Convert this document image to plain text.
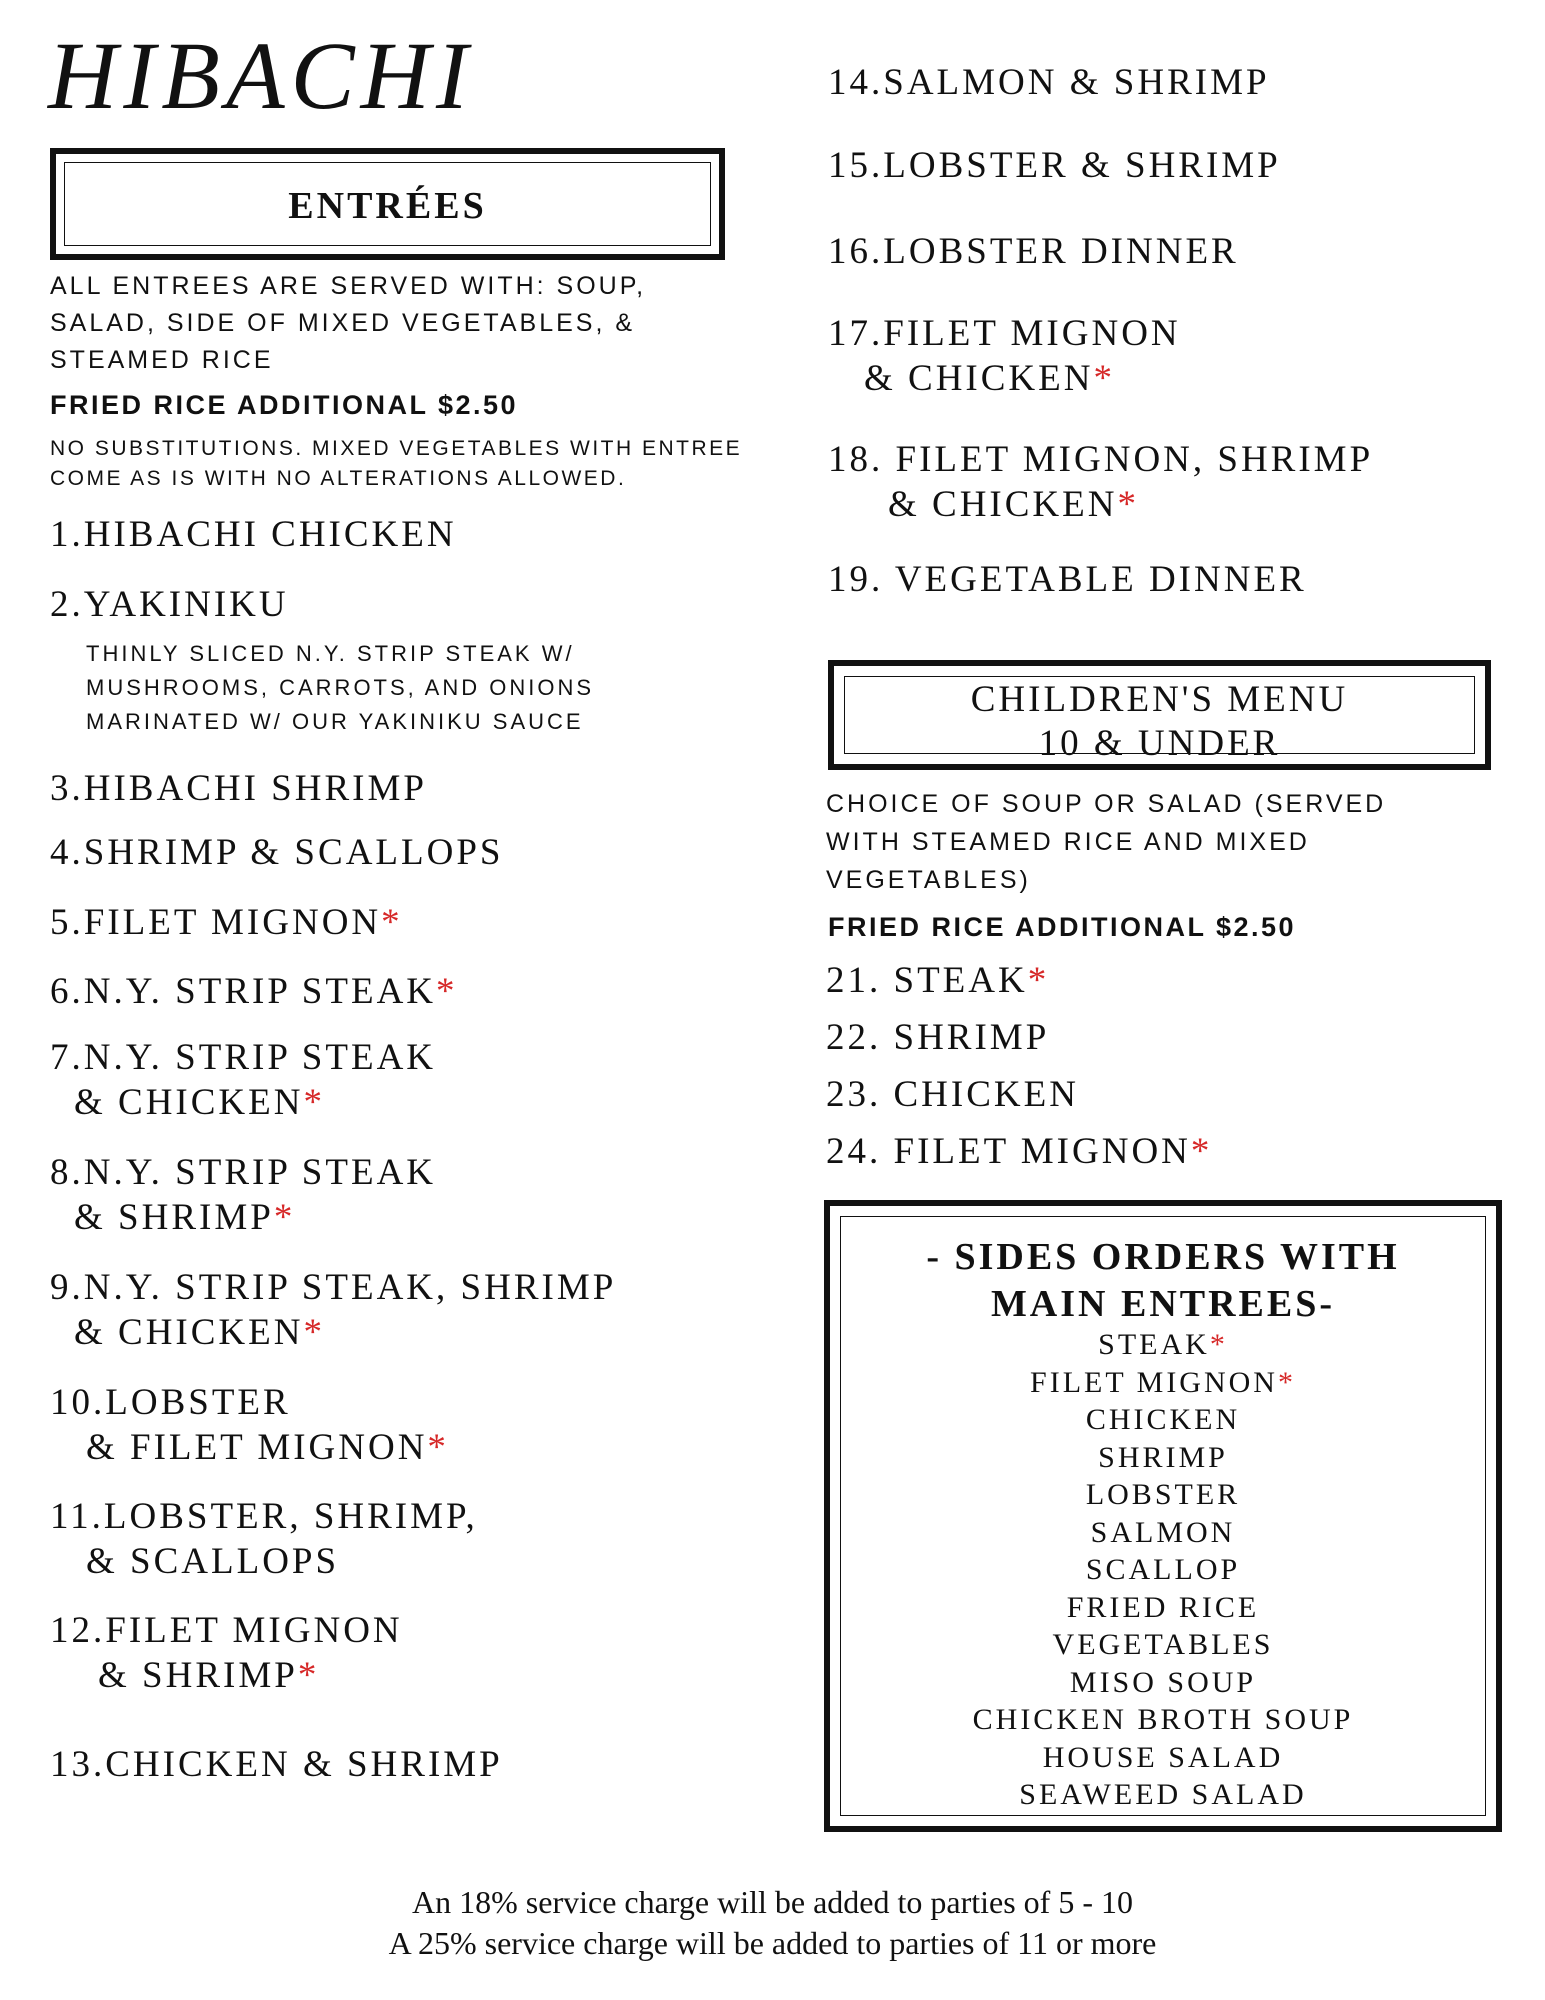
HIBACHI
ENTRÉES
ALL ENTREES ARE SERVED WITH: SOUP,
SALAD, SIDE OF MIXED VEGETABLES, &
STEAMED RICE
FRIED RICE ADDITIONAL $2.50
NO SUBSTITUTIONS. MIXED VEGETABLES WITH ENTREE
COME AS IS WITH NO ALTERATIONS ALLOWED.
1.HIBACHI CHICKEN
2.YAKINIKU
THINLY SLICED N.Y. STRIP STEAK W/
MUSHROOMS, CARROTS, AND ONIONS
MARINATED W/ OUR YAKINIKU SAUCE
3.HIBACHI SHRIMP
4.SHRIMP & SCALLOPS
5.FILET MIGNON*
6.N.Y. STRIP STEAK*
7.N.Y. STRIP STEAK
& CHICKEN*
8.N.Y. STRIP STEAK
& SHRIMP*
9.N.Y. STRIP STEAK, SHRIMP
& CHICKEN*
10.LOBSTER
& FILET MIGNON*
11.LOBSTER, SHRIMP,
& SCALLOPS
12.FILET MIGNON
& SHRIMP*
13.CHICKEN & SHRIMP
14.SALMON & SHRIMP
15.LOBSTER & SHRIMP
16.LOBSTER DINNER
17.FILET MIGNON
& CHICKEN*
18. FILET MIGNON, SHRIMP
& CHICKEN*
19. VEGETABLE DINNER
CHILDREN'S MENU
10 & UNDER
CHOICE OF SOUP OR SALAD (SERVED
WITH STEAMED RICE AND MIXED
VEGETABLES)
FRIED RICE ADDITIONAL $2.50
21. STEAK*
22. SHRIMP
23. CHICKEN
24. FILET MIGNON*
- SIDES ORDERS WITH
MAIN ENTREES-
STEAK*
FILET MIGNON*
CHICKEN
SHRIMP
LOBSTER
SALMON
SCALLOP
FRIED RICE
VEGETABLES
MISO SOUP
CHICKEN BROTH SOUP
HOUSE SALAD
SEAWEED SALAD
An 18% service charge will be added to parties of 5 - 10
A 25% service charge will be added to parties of 11 or more
